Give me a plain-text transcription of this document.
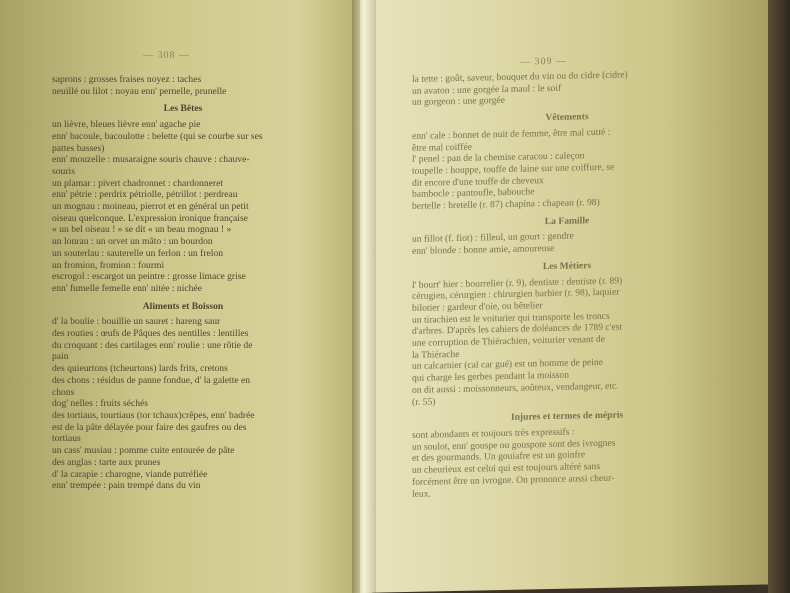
— 308 —
saprons : grosses fraises noyez : taches
neuillé ou lilot : noyau enn' pernelle, prunelle
Les Bêtes
un lièvre, bleues lièvre enn' agache pie
enn' bacoule, bacoulotte : belette (qui se courbe sur ses
pattes basses)
enn' mouzelle : musaraigne souris chauve : chauve-
souris
un plamar : pivert chadronnet : chardonneret
enn' pétrie : perdrix pétriolle, pétrillot : perdreau
un mognau : moineau, pierrot et en général un petit
oiseau quelconque. L'expression ironique française
« un bel oiseau ! » se dit « un beau mognau ! »
un lonrau : un orvet un mâto : un bourdon
un souterlau : sauterelle un ferlon : un frelon
un fromion, fromion : fourmi
escrogol : escargot un peintre : grosse limace grise
enn' fumelle femelle enn' nitée : nichée
Aliments et Boisson
d' la boulie : bouillie un sauret : hareng saur
des routies : œufs de Pâques des nentilles : lentilles
du croquant : des cartilages enn' roulie : une rôtie de
pain
des quieurtons (tcheurtons) lards frits, cretons
des chons : résidus de panne fondue, d' la galette en
chons
dog' nelles : fruits séchés
des tortiaus, tourtiaus (tor tchaux)crêpes, enn' badrée
est de la pâte délayée pour faire des gaufres ou des
tortiaus
un cass' musiau : pomme cuite entourée de pâte
des anglas : tarte aux prunes
d' la carapie : charogne, viande putréfiée
enn' trempée : pain trempé dans du vin
— 309 —
la tette : goût, saveur, bouquet du vin ou du cidre (cidre)
un avaton : une gorgée la maul : le soif
un gorgeon : une gorgée
Vêtements
enn' cale : bonnet de nuit de femme, être mal cutté :
être mal coiffée
l' penel : pan de la chemise caracou : caleçon
toupelle : houppe, touffe de laine sur une coiffure, se
dit encore d'une touffe de cheveux
bambocle : pantoufle, babouche
bertelle : bretelle (r. 87) chapina : chapeau (r. 98)
La Famille
un fillot (f. fiot) : filleul, un gourt : gendre
enn' blonde : bonne amie, amoureuse
Les Métiers
l' bourt' hier : bourrelier (r. 9), dentiste : dentiste (r. 89)
cérugien, cérurgien : chirurgien barbier (r. 98), laquier
bilotier : gardeur d'oie, ou bêtelier
un tirachien est le voiturier qui transporte les troncs
d'arbres. D'après les cahiers de doléances de 1789 c'est
une corruption de Thiérachien, voiturier venant de
la Thiérache
un calcarnier (cal car gué) est un homme de peine
qui charge les gerbes pendant la moisson
on dit aussi : moissonneurs, aoûteux, vendangeur, etc.
(r. 55)
Injures et termes de mépris
sont abondants et toujours très expressifs :
un soulot, enn' gouspe ou gouspote sont des ivrognes
et des gourmands. Un gouiafre est un goinfre
un cheurieux est celui qui est toujours altéré sans
forcément être un ivrogne. On prononce aussi cheur-
leux.
